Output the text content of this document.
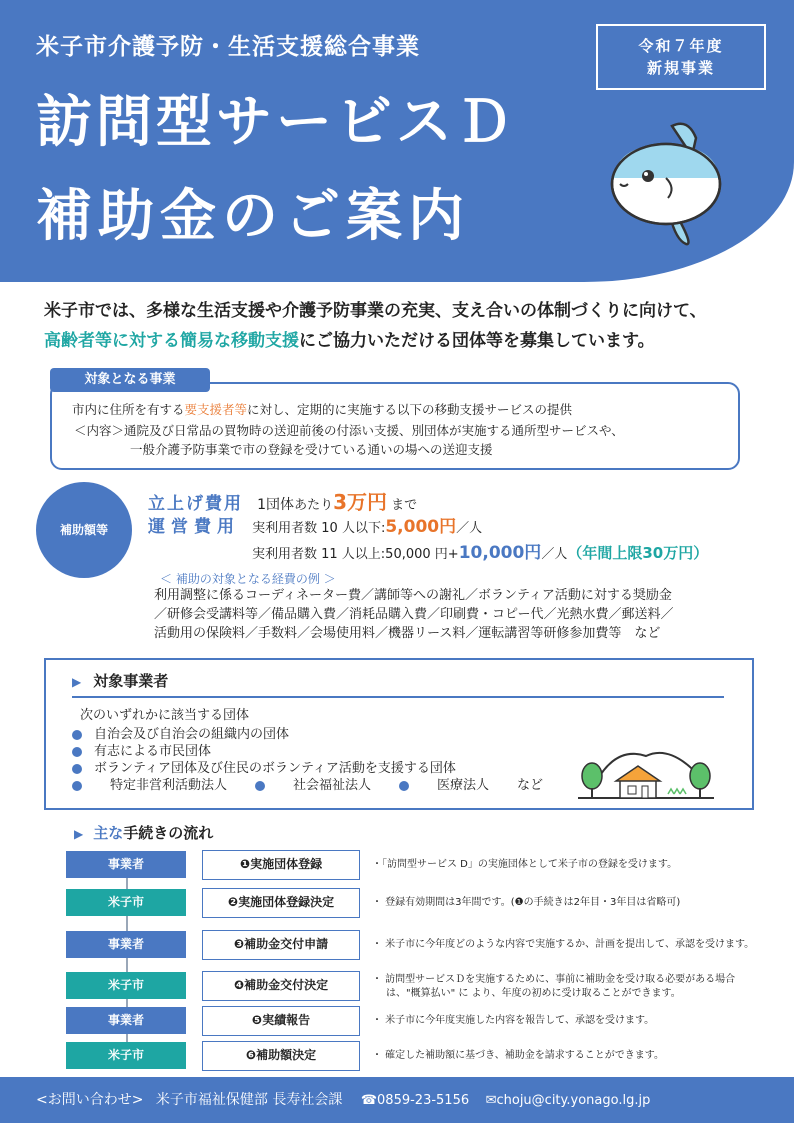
米子市介護予防・生活支援総合事業
訪問型サービスＤ
補助金のご案内
令和７年度
新規事業
米子市では、多様な生活支援や介護予防事業の充実、支え合いの体制づくりに向けて、
高齢者等に対する簡易な移動支援にご協力いただける団体等を募集しています。
対象となる事業
市内に住所を有する要支援者等に対し、定期的に実施する以下の移動支援サービスの提供
＜内容＞通院及び日常品の買物時の送迎前後の付添い支援、別団体が実施する通所型サービスや、
一般介護予防事業で市の登録を受けている通いの場への送迎支援
補助額等
立上げ費用 1団体あたり3万円 まで
運営費用 実利用者数 10 人以下:5,000円／人
実利用者数 11 人以上:50,000 円+10,000円／人（年間上限30万円）
＜ 補助の対象となる経費の例 ＞
利用調整に係るコーディネーター費／講師等への謝礼／ボランティア活動に対する奨励金
／研修会受講料等／備品購入費／消耗品購入費／印刷費・コピー代／光熱水費／郵送料／
活動用の保険料／手数料／会場使用料／機器リース料／運転講習等研修参加費等　など
▶ 対象事業者
次のいずれかに該当する団体
自治会及び自治会の組織内の団体
有志による市民団体
ボランティア団体及び住民のボランティア活動を支援する団体
特定非営利活動法人	社会福祉法人	医療法人 など
▶ 主な手続きの流れ
事業者	❶実施団体登録	・「訪問型サービス D」の実施団体として米子市の登録を受けます。
米子市	❷実施団体登録決定	・ 登録有効期間は3年間です。(❶の手続きは2年目・3年目は省略可)
事業者	❸補助金交付申請	・ 米子市に今年度どのような内容で実施するか、計画を提出して、承認を受けます。
米子市	❹補助金交付決定	・ 訪問型サービスＤを実施するために、事前に補助金を受け取る必要がある場合
は、"概算払い" に より、年度の初めに受け取ることができます。
事業者	❺実績報告	・ 米子市に今年度実施した内容を報告して、承認を受けます。
米子市	❻補助額決定	・ 確定した補助額に基づき、補助金を請求することができます。
<お問い合わせ> 米子市福祉保健部 長寿社会課 ☎0859-23-5156 ✉choju@city.yonago.lg.jp
